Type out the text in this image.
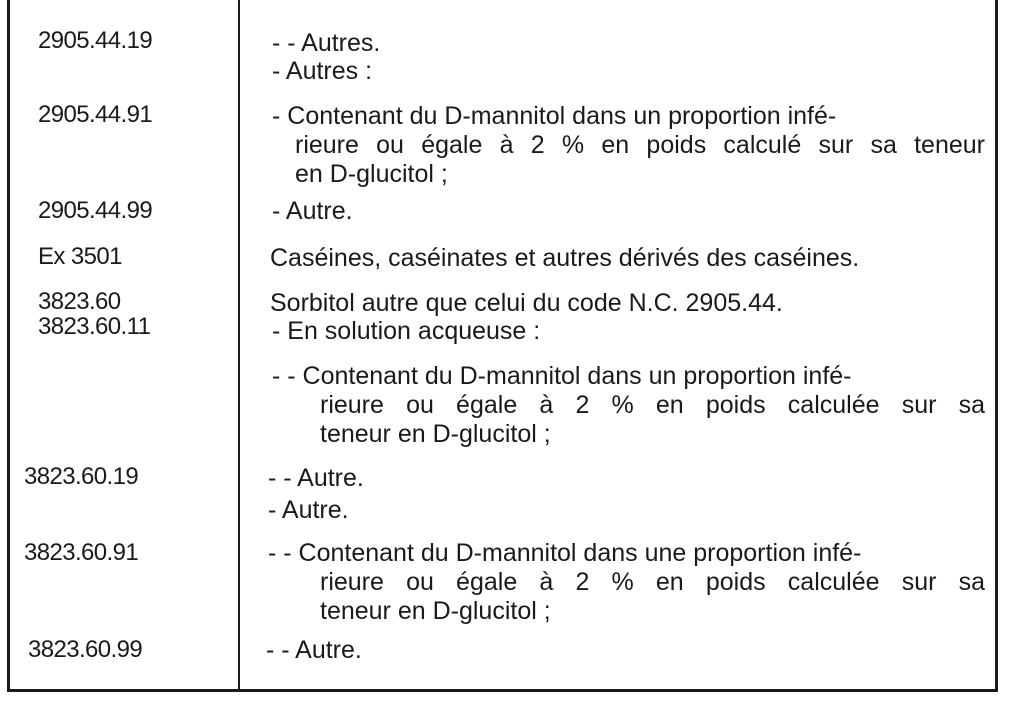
2905.44.19	- - Autres.
- Autres :
2905.44.91	- Contenant du D-mannitol dans un proportion infé-
rieure ou égale à 2 % en poids calculé sur sa teneur
en D-glucitol ;
2905.44.99	- Autre.
Ex 3501	Caséines, caséinates et autres dérivés des caséines.
3823.60	Sorbitol autre que celui du code N.C. 2905.44.
3823.60.11	- En solution acqueuse :
- - Contenant du D-mannitol dans un proportion infé-
rieure ou égale à 2 % en poids calculée sur sa
teneur en D-glucitol ;
3823.60.19	- - Autre.
- Autre.
3823.60.91	- - Contenant du D-mannitol dans une proportion infé-
rieure ou égale à 2 % en poids calculée sur sa
teneur en D-glucitol ;
3823.60.99	- - Autre.
